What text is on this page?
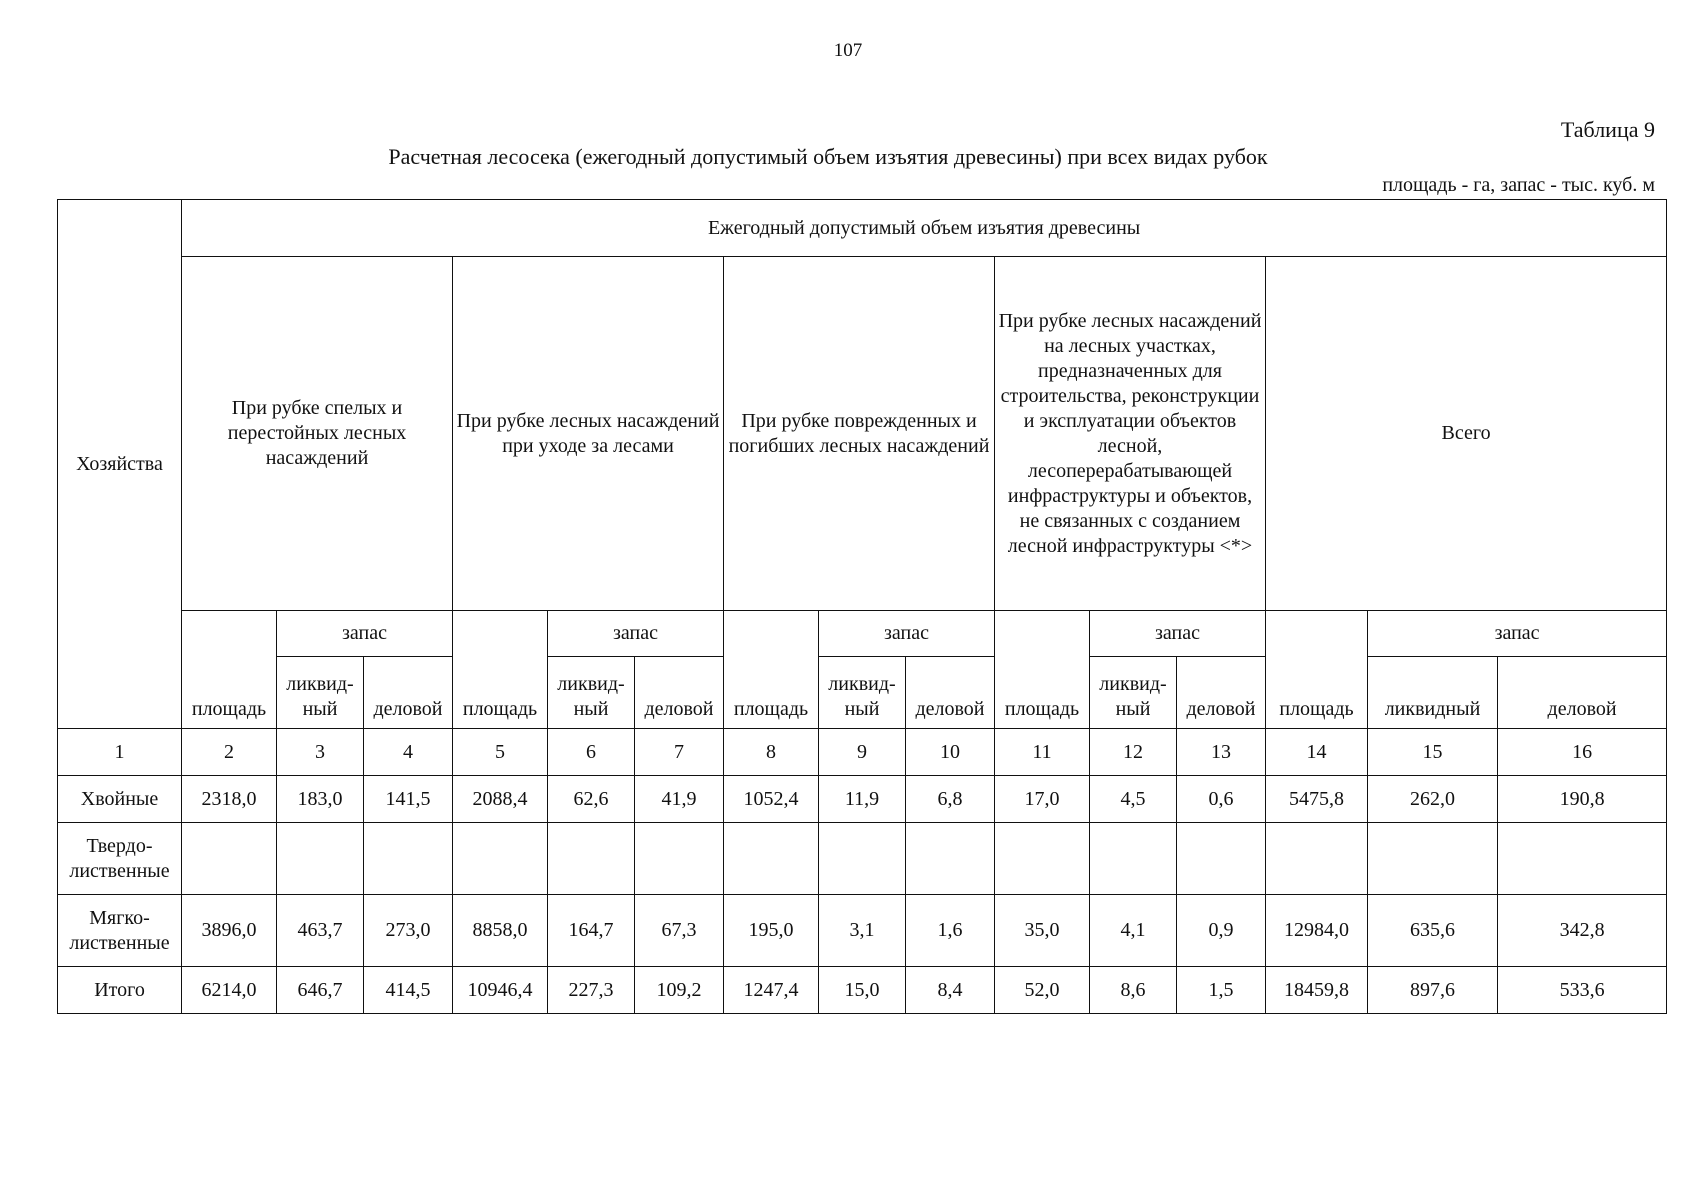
107
Таблица 9
Расчетная лесосека (ежегодный допустимый объем изъятия древесины) при всех видах рубок
площадь - га, запас - тыс. куб. м
Хозяйства	Ежегодный допустимый объем изъятия древесины														
	При рубке спелых и перестойных лесных насаждений			При рубке лесных насаждений при уходе за лесами			При рубке поврежденных и погибших лесных насаждений			При рубке лесных насаждений на лесных участках, предназначенных для строительства, реконструкции и эксплуатации объектов лесной, лесоперерабатывающей инфраструктуры и объектов, не связанных с созданием лесной инфраструктуры <*>			Всего		
	площадь	запас		площадь	запас		площадь	запас		площадь	запас		площадь	запас	
		ликвид-ный	деловой		ликвид-ный	деловой		ликвид-ный	деловой		ликвид-ный	деловой		ликвидный	деловой
1	2	3	4	5	6	7	8	9	10	11	12	13	14	15	16
Хвойные	2318,0	183,0	141,5	2088,4	62,6	41,9	1052,4	11,9	6,8	17,0	4,5	0,6	5475,8	262,0	190,8
Твердо-лиственные															
Мягко-лиственные	3896,0	463,7	273,0	8858,0	164,7	67,3	195,0	3,1	1,6	35,0	4,1	0,9	12984,0	635,6	342,8
Итого	6214,0	646,7	414,5	10946,4	227,3	109,2	1247,4	15,0	8,4	52,0	8,6	1,5	18459,8	897,6	533,6
